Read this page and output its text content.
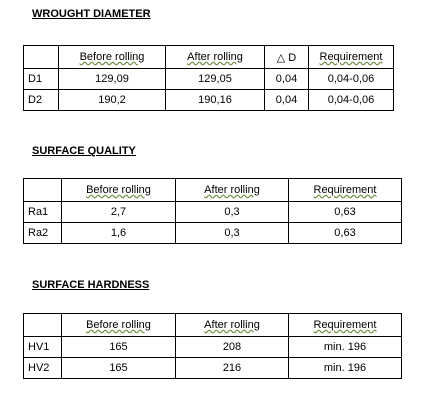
WROUGHT DIAMETER
	Before rolling	After rolling	△ D	Requirement
D1	129,09	129,05	0,04	0,04-0,06
D2	190,2	190,16	0,04	0,04-0,06
SURFACE QUALITY
	Before rolling	After rolling	Requirement
Ra1	2,7	0,3	0,63
Ra2	1,6	0,3	0,63
SURFACE HARDNESS
	Before rolling	After rolling	Requirement
HV1	165	208	min. 196
HV2	165	216	min. 196
